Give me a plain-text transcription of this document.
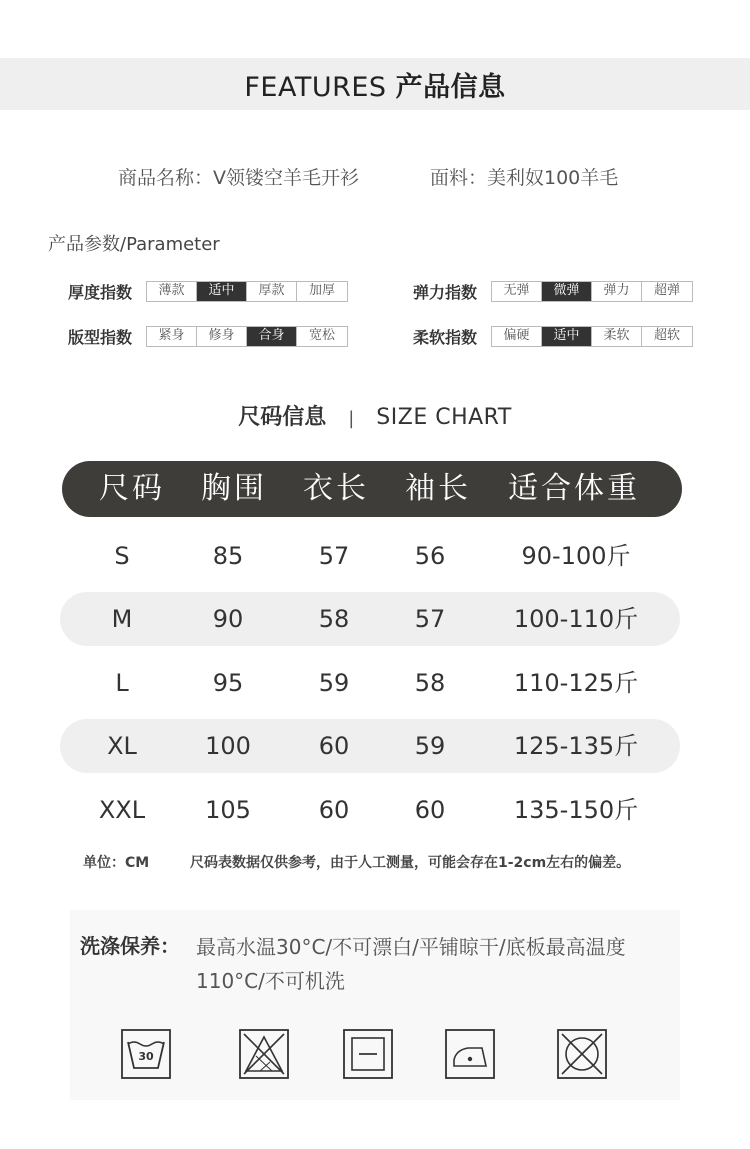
FEATURES 产品信息
商品名称：V领镂空羊毛开衫	面料：美利奴100羊毛
产品参数/Parameter
厚度指数	薄款	适中	厚款	加厚	弹力指数	无弹	微弹	弹力	超弹
版型指数	紧身	修身	合身	宽松	柔软指数	偏硬	适中	柔软	超软
尺码信息 | SIZE CHART
尺码 胸围 衣长 袖长 适合体重
S	85	57	56	90-100斤
M	90	58	57	100-110斤
L	95	59	58	110-125斤
XL	100	60	59	125-135斤
XXL 105	60	60	135-150斤
单位：CM	尺码表数据仅供参考，由于人工测量，可能会存在1-2cm左右的偏差。
洗涤保养： 最高水温30°C/不可漂白/平铺晾干/底板最高温度110°C/不可机洗
30
